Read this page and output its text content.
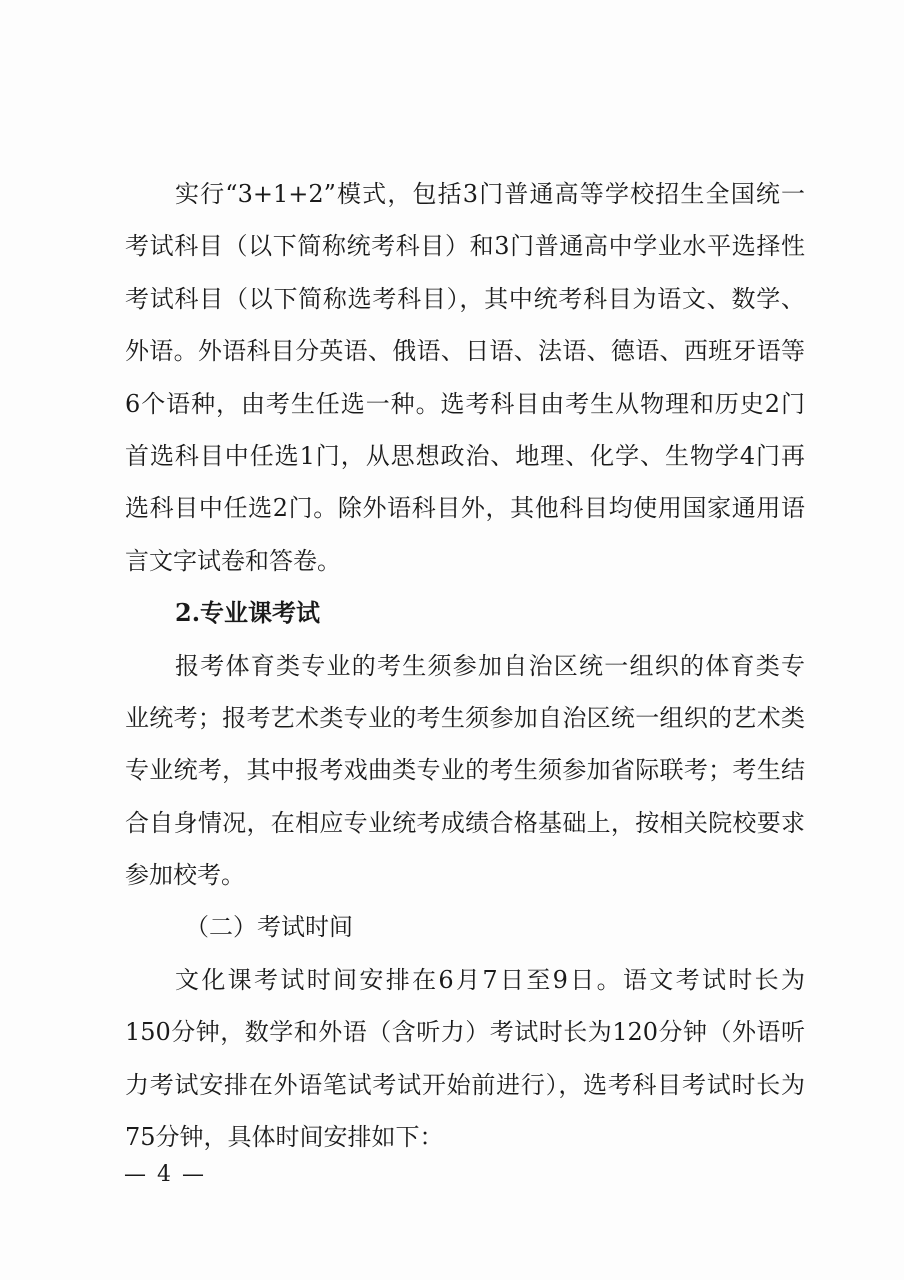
实行“3+1+2”模式，包括3门普通高等学校招生全国统一
考试科目（以下简称统考科目）和3门普通高中学业水平选择性
考试科目（以下简称选考科目），其中统考科目为语文、数学、
外语。外语科目分英语、俄语、日语、法语、德语、西班牙语等
6个语种，由考生任选一种。选考科目由考生从物理和历史2门
首选科目中任选1门，从思想政治、地理、化学、生物学4门再
选科目中任选2门。除外语科目外，其他科目均使用国家通用语
言文字试卷和答卷。
2.专业课考试
报考体育类专业的考生须参加自治区统一组织的体育类专
业统考；报考艺术类专业的考生须参加自治区统一组织的艺术类
专业统考，其中报考戏曲类专业的考生须参加省际联考；考生结
合自身情况，在相应专业统考成绩合格基础上，按相关院校要求
参加校考。
（二）考试时间
文化课考试时间安排在6月7日至9日。语文考试时长为
150分钟，数学和外语（含听力）考试时长为120分钟（外语听
力考试安排在外语笔试考试开始前进行），选考科目考试时长为
75分钟，具体时间安排如下：
— 4 —
